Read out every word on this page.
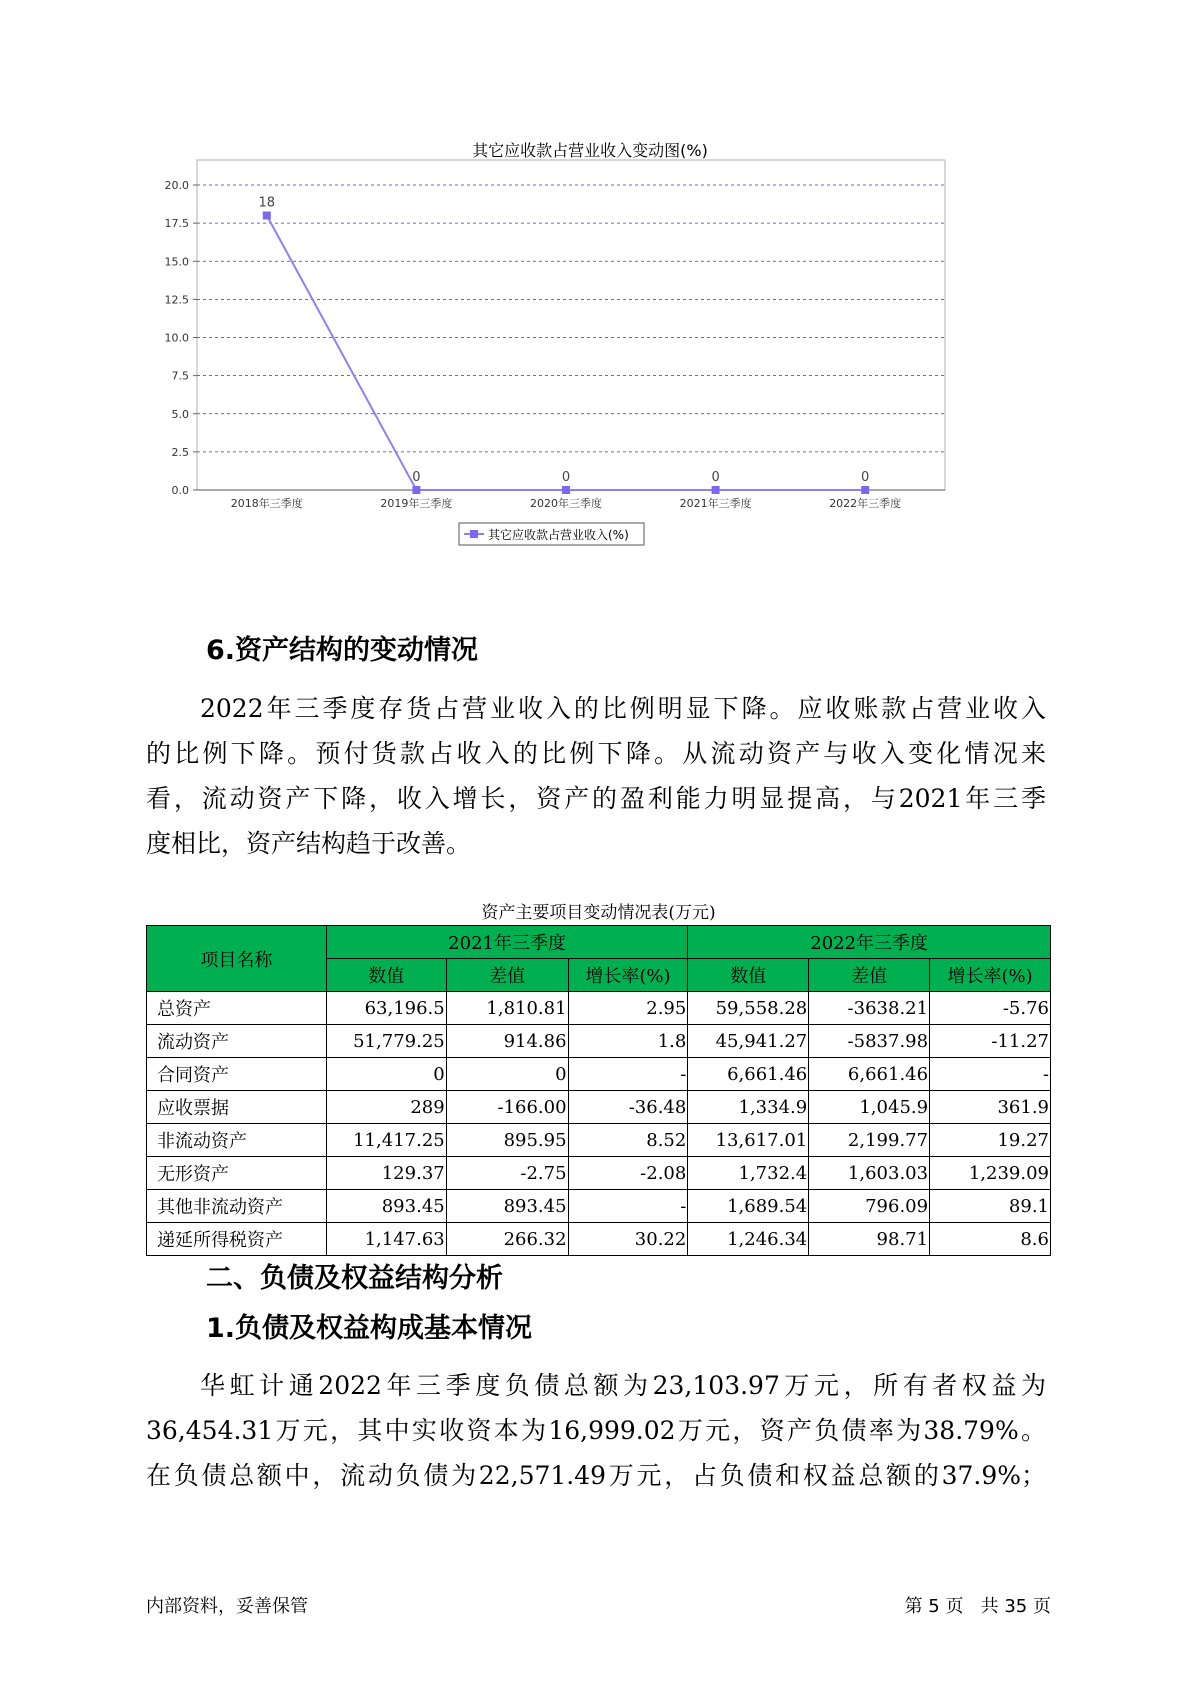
其它应收款占营业收入变动图(%)
0.0
2.5
5.0
7.5
10.0
12.5
15.0
17.5
20.0
2018年三季度	2019年三季度	2020年三季度	2021年三季度	2022年三季度
18
0	0	0	0
其它应收款占营业收入(%)
6.资产结构的变动情况
2022年三季度存货占营业收入的比例明显下降。应收账款占营业收入
的比例下降。预付货款占收入的比例下降。从流动资产与收入变化情况来
看，流动资产下降，收入增长，资产的盈利能力明显提高，与2021年三季
度相比，资产结构趋于改善。
资产主要项目变动情况表(万元)
项目名称	2021年三季度			2022年三季度		
	数值	差值	增长率(%)	数值	差值	增长率(%)
总资产	63,196.5	1,810.81	2.95	59,558.28	-3638.21	-5.76
流动资产	51,779.25	914.86	1.8	45,941.27	-5837.98	-11.27
合同资产	0	0	-	6,661.46	6,661.46	-
应收票据	289	-166.00	-36.48	1,334.9	1,045.9	361.9
非流动资产	11,417.25	895.95	8.52	13,617.01	2,199.77	19.27
无形资产	129.37	-2.75	-2.08	1,732.4	1,603.03	1,239.09
其他非流动资产	893.45	893.45	-	1,689.54	796.09	89.1
递延所得税资产	1,147.63	266.32	30.22	1,246.34	98.71	8.6
二、负债及权益结构分析
1.负债及权益构成基本情况
华虹计通2022年三季度负债总额为23,103.97万元，所有者权益为
36,454.31万元，其中实收资本为16,999.02万元，资产负债率为38.79%。
在负债总额中，流动负债为22,571.49万元，占负债和权益总额的37.9%；
内部资料，妥善保管	第 5 页   共 35 页
